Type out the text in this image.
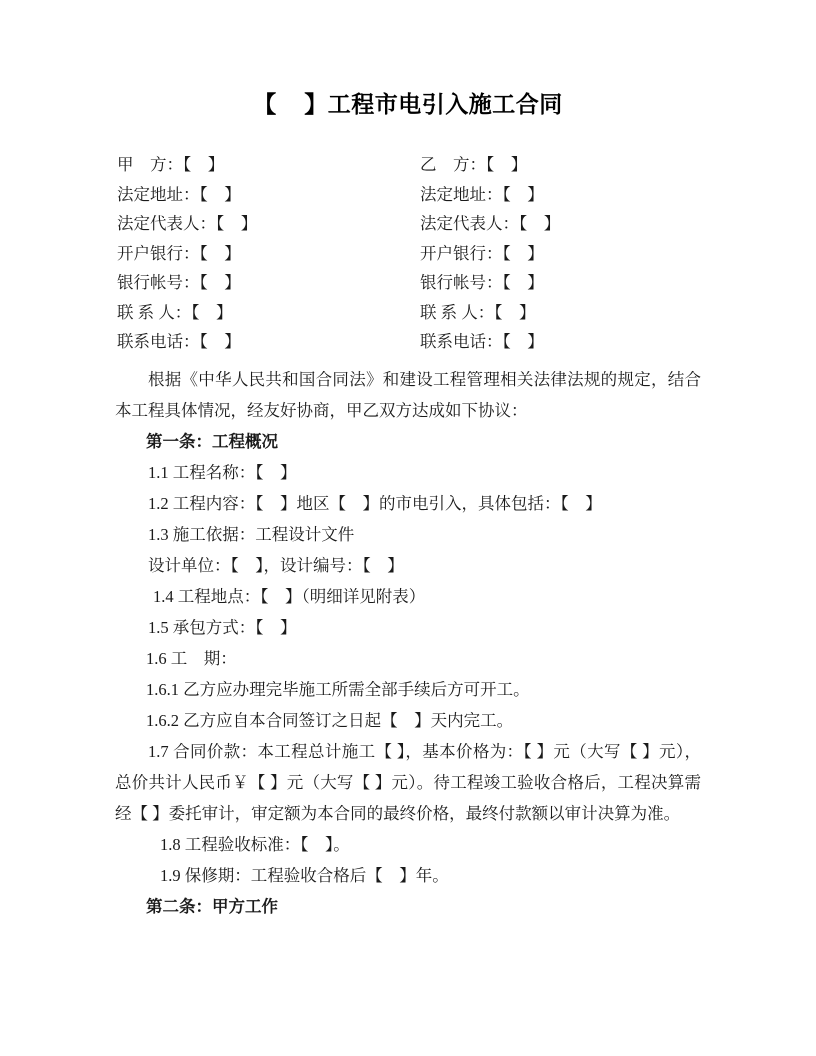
【    】工程市电引入施工合同
甲    方：【    】	乙    方：【    】
法定地址：【    】	法定地址：【    】
法定代表人：【    】	法定代表人：【    】
开户银行：【    】	开户银行：【    】
银行帐号：【    】	银行帐号：【    】
联 系 人：【    】	联 系 人：【    】
联系电话：【    】	联系电话：【    】

根据《中华人民共和国合同法》和建设工程管理相关法律法规的规定，结合本工程具体情况，经友好协商，甲乙双方达成如下协议：

第一条：工程概况

1.1 工程名称：【    】

1.2 工程内容：【    】地区【    】的市电引入，具体包括：【    】

1.3 施工依据：工程设计文件

设计单位：【    】，设计编号：【    】

1.4 工程地点：【    】（明细详见附表）

1.5 承包方式：【    】

1.6 工    期：

1.6.1 乙方应办理完毕施工所需全部手续后方可开工。

1.6.2 乙方应自本合同签订之日起【    】天内完工。

1.7 合同价款：本工程总计施工【 】，基本价格为：【 】元（大写【 】元），总价共计人民币￥【 】元（大写【 】元）。待工程竣工验收合格后，工程决算需经【 】委托审计，审定额为本合同的最终价格，最终付款额以审计决算为准。

1.8 工程验收标准：【    】。

1.9 保修期：工程验收合格后【    】年。

第二条：甲方工作
